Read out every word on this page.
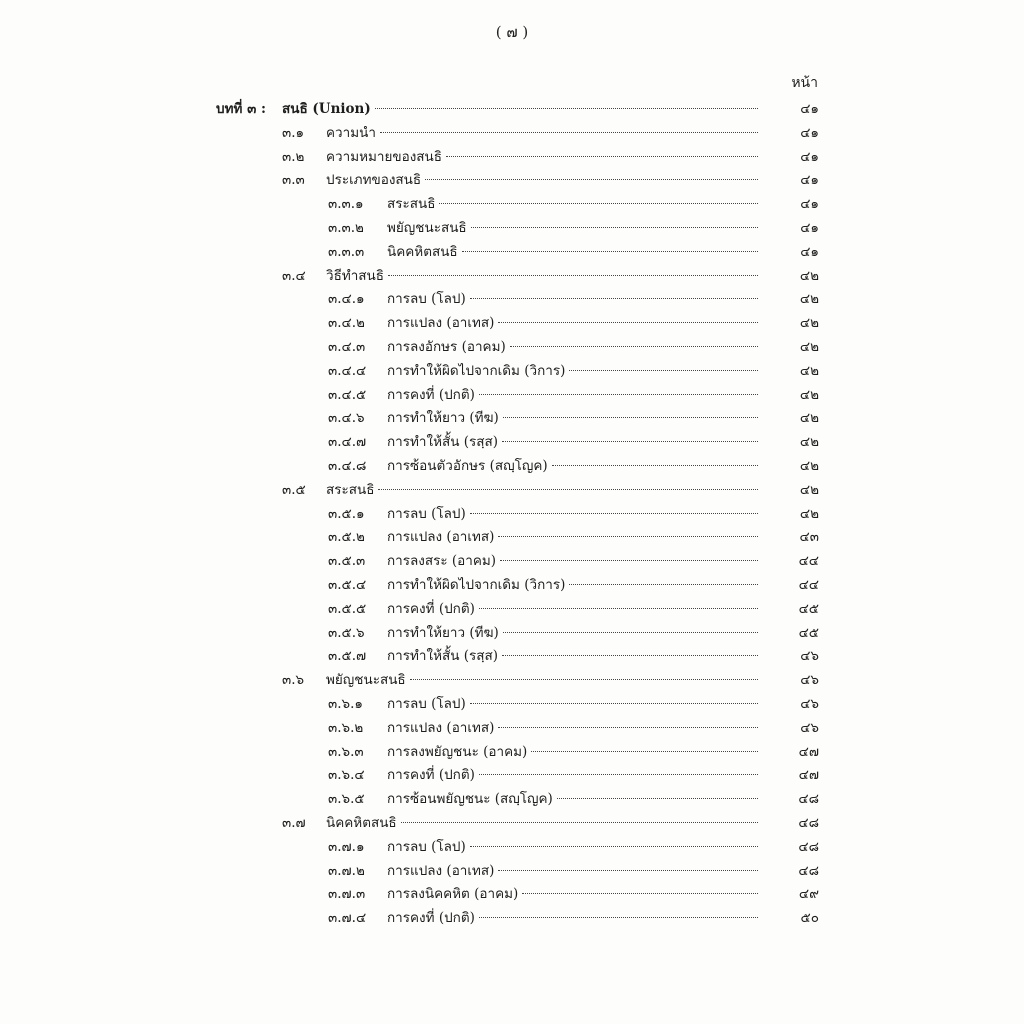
( ๗ )
หน้า
บทที่ ๓ : สนธิ (Union)	๔๑
๓.๑ ความนำ	๔๑
๓.๒ ความหมายของสนธิ	๔๑
๓.๓ ประเภทของสนธิ	๔๑
๓.๓.๑ สระสนธิ	๔๑
๓.๓.๒ พยัญชนะสนธิ	๔๑
๓.๓.๓ นิคคหิตสนธิ	๔๑
๓.๔ วิธีทำสนธิ	๔๒
๓.๔.๑ การลบ (โลป)	๔๒
๓.๔.๒ การแปลง (อาเทส)	๔๒
๓.๔.๓ การลงอักษร (อาคม)	๔๒
๓.๔.๔ การทำให้ผิดไปจากเดิม (วิการ)	๔๒
๓.๔.๕ การคงที่ (ปกติ)	๔๒
๓.๔.๖ การทำให้ยาว (ทีฆ)	๔๒
๓.๔.๗ การทำให้สั้น (รสฺส)	๔๒
๓.๔.๘ การซ้อนตัวอักษร (สญฺโญค)	๔๒
๓.๕ สระสนธิ	๔๒
๓.๕.๑ การลบ (โลป)	๔๒
๓.๕.๒ การแปลง (อาเทส)	๔๓
๓.๕.๓ การลงสระ (อาคม)	๔๔
๓.๕.๔ การทำให้ผิดไปจากเดิม (วิการ)	๔๔
๓.๕.๕ การคงที่ (ปกติ)	๔๕
๓.๕.๖ การทำให้ยาว (ทีฆ)	๔๕
๓.๕.๗ การทำให้สั้น (รสฺส)	๔๖
๓.๖ พยัญชนะสนธิ	๔๖
๓.๖.๑ การลบ (โลป)	๔๖
๓.๖.๒ การแปลง (อาเทส)	๔๖
๓.๖.๓ การลงพยัญชนะ (อาคม)	๔๗
๓.๖.๔ การคงที่ (ปกติ)	๔๗
๓.๖.๕ การซ้อนพยัญชนะ (สญฺโญค)	๔๘
๓.๗ นิคคหิตสนธิ	๔๘
๓.๗.๑ การลบ (โลป)	๔๘
๓.๗.๒ การแปลง (อาเทส)	๔๘
๓.๗.๓ การลงนิคคหิต (อาคม)	๔๙
๓.๗.๔ การคงที่ (ปกติ)	๕๐
